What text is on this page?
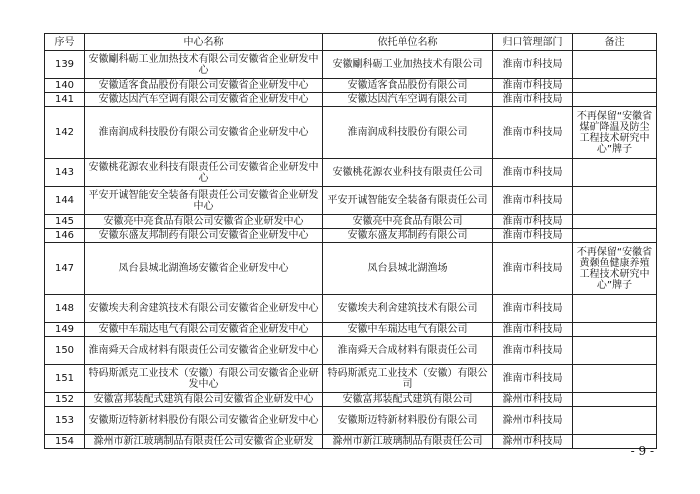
序号	中心名称	依托单位名称	归口管理部门	备注
139	安徽劚科砺工业加热技术有限公司安徽省企业研发中心	安徽劚科砺工业加热技术有限公司	淮南市科技局	
140	安徽适客食品股份有限公司安徽省企业研发中心	安徽适客食品股份有限公司	淮南市科技局	
141	安徽达因汽车空调有限公司安徽省企业研发中心	安徽达因汽车空调有限公司	淮南市科技局	
142	淮南润成科技股份有限公司安徽省企业研发中心	淮南润成科技股份有限公司	淮南市科技局	不再保留“安徽省煤矿降温及防尘工程技术研究中心”牌子
143	安徽桃花源农业科技有限责任公司安徽省企业研发中心	安徽桃花源农业科技有限责任公司	淮南市科技局	
144	平安开诚智能安全装备有限责任公司安徽省企业研发中心	平安开诚智能安全装备有限责任公司	淮南市科技局	
145	安徽亮中亮食品有限公司安徽省企业研发中心	安徽亮中亮食品有限公司	淮南市科技局	
146	安徽东盛友邦制药有限公司安徽省企业研发中心	安徽东盛友邦制药有限公司	淮南市科技局	
147	凤台县城北湖渔场安徽省企业研发中心	凤台县城北湖渔场	淮南市科技局	不再保留“安徽省黄颡鱼健康养殖工程技术研究中心”牌子
148	安徽埃夫利舍建筑技术有限公司安徽省企业研发中心	安徽埃夫利舍建筑技术有限公司	淮南市科技局	
149	安徽中车瑞达电气有限公司安徽省企业研发中心	安徽中车瑞达电气有限公司	淮南市科技局	
150	淮南舜天合成材料有限责任公司安徽省企业研发中心	淮南舜天合成材料有限责任公司	淮南市科技局	
151	特码斯派克工业技术（安徽）有限公司安徽省企业研发中心	特码斯派克工业技术（安徽）有限公司	淮南市科技局	
152	安徽富邦装配式建筑有限公司安徽省企业研发中心	安徽富邦装配式建筑有限公司	滁州市科技局	
153	安徽斯迈特新材料股份有限公司安徽省企业研发中心	安徽斯迈特新材料股份有限公司	滁州市科技局	
154	滁州市新江玻璃制品有限责任公司安徽省企业研发	滁州市新江玻璃制品有限责任公司	滁州市科技局	
- 9 -
